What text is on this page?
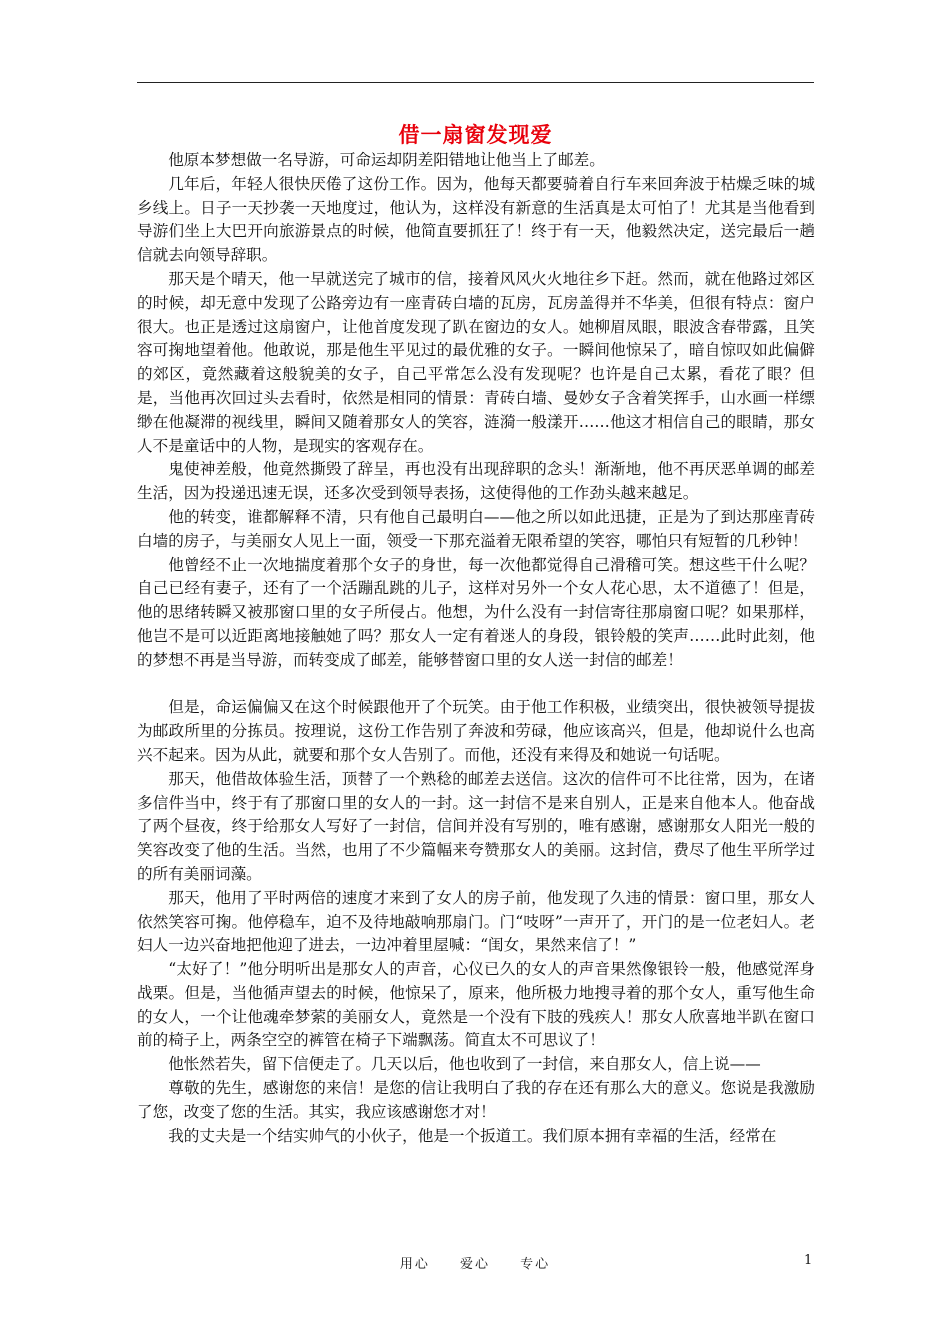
借一扇窗发现爱

他原本梦想做一名导游，可命运却阴差阳错地让他当上了邮差。

几年后，年轻人很快厌倦了这份工作。因为，他每天都要骑着自行车来回奔波于枯燥乏味的城乡线上。日子一天抄袭一天地度过，他认为，这样没有新意的生活真是太可怕了！尤其是当他看到导游们坐上大巴开向旅游景点的时候，他简直要抓狂了！终于有一天，他毅然决定，送完最后一趟信就去向领导辞职。

那天是个晴天，他一早就送完了城市的信，接着风风火火地往乡下赶。然而，就在他路过郊区的时候，却无意中发现了公路旁边有一座青砖白墙的瓦房，瓦房盖得并不华美，但很有特点：窗户很大。也正是透过这扇窗户，让他首度发现了趴在窗边的女人。她柳眉凤眼，眼波含春带露，且笑容可掬地望着他。他敢说，那是他生平见过的最优雅的女子。一瞬间他惊呆了，暗自惊叹如此偏僻的郊区，竟然藏着这般貌美的女子，自己平常怎么没有发现呢？也许是自己太累，看花了眼？但是，当他再次回过头去看时，依然是相同的情景：青砖白墙、曼妙女子含着笑挥手，山水画一样缥缈在他凝滞的视线里，瞬间又随着那女人的笑容，涟漪一般漾开……他这才相信自己的眼睛，那女人不是童话中的人物，是现实的客观存在。

鬼使神差般，他竟然撕毁了辞呈，再也没有出现辞职的念头！渐渐地，他不再厌恶单调的邮差生活，因为投递迅速无误，还多次受到领导表扬，这使得他的工作劲头越来越足。

他的转变，谁都解释不清，只有他自己最明白——他之所以如此迅捷，正是为了到达那座青砖白墙的房子，与美丽女人见上一面，领受一下那充溢着无限希望的笑容，哪怕只有短暂的几秒钟！

他曾经不止一次地揣度着那个女子的身世，每一次他都觉得自己滑稽可笑。想这些干什么呢？自己已经有妻子，还有了一个活蹦乱跳的儿子，这样对另外一个女人花心思，太不道德了！但是，他的思绪转瞬又被那窗口里的女子所侵占。他想，为什么没有一封信寄往那扇窗口呢？如果那样，他岂不是可以近距离地接触她了吗？那女人一定有着迷人的身段，银铃般的笑声……此时此刻，他的梦想不再是当导游，而转变成了邮差，能够替窗口里的女人送一封信的邮差！

但是，命运偏偏又在这个时候跟他开了个玩笑。由于他工作积极，业绩突出，很快被领导提拔为邮政所里的分拣员。按理说，这份工作告别了奔波和劳碌，他应该高兴，但是，他却说什么也高兴不起来。因为从此，就要和那个女人告别了。而他，还没有来得及和她说一句话呢。

那天，他借故体验生活，顶替了一个熟稔的邮差去送信。这次的信件可不比往常，因为，在诸多信件当中，终于有了那窗口里的女人的一封。这一封信不是来自别人，正是来自他本人。他奋战了两个昼夜，终于给那女人写好了一封信，信间并没有写别的，唯有感谢，感谢那女人阳光一般的笑容改变了他的生活。当然，也用了不少篇幅来夸赞那女人的美丽。这封信，费尽了他生平所学过的所有美丽词藻。

那天，他用了平时两倍的速度才来到了女人的房子前，他发现了久违的情景：窗口里，那女人依然笑容可掬。他停稳车，迫不及待地敲响那扇门。门“吱呀”一声开了，开门的是一位老妇人。老妇人一边兴奋地把他迎了进去，一边冲着里屋喊：“闺女，果然来信了！”

“太好了！”他分明听出是那女人的声音，心仪已久的女人的声音果然像银铃一般，他感觉浑身战栗。但是，当他循声望去的时候，他惊呆了，原来，他所极力地搜寻着的那个女人，重写他生命的女人，一个让他魂牵梦萦的美丽女人，竟然是一个没有下肢的残疾人！那女人欣喜地半趴在窗口前的椅子上，两条空空的裤管在椅子下端飘荡。简直太不可思议了！

他怅然若失，留下信便走了。几天以后，他也收到了一封信，来自那女人，信上说——

尊敬的先生，感谢您的来信！是您的信让我明白了我的存在还有那么大的意义。您说是我激励了您，改变了您的生活。其实，我应该感谢您才对！

我的丈夫是一个结实帅气的小伙子，他是一个扳道工。我们原本拥有幸福的生活，经常在

用心 爱心 专心	1
